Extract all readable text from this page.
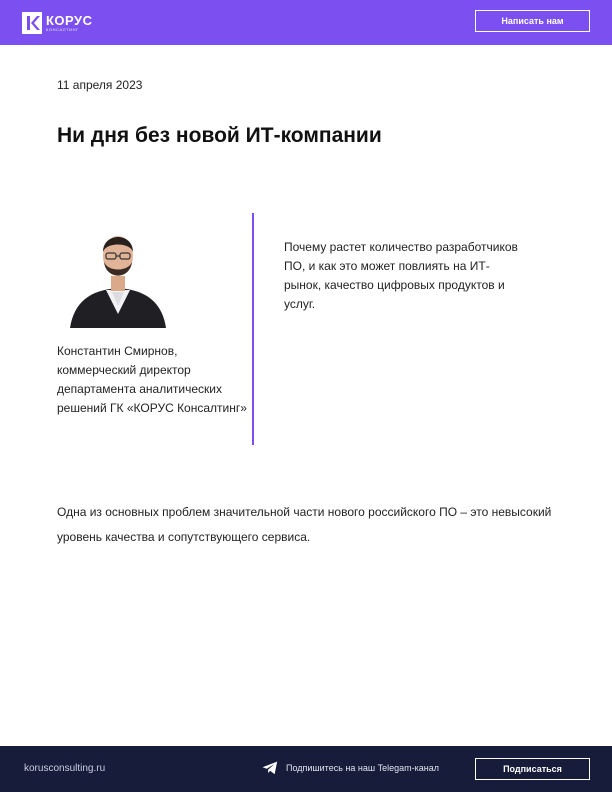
КОРУС
КОНСАЛТИНГ
Написать нам
11 апреля 2023
Ни дня без новой ИТ-компании

Константин Смирнов, коммерческий директор департамента аналитических решений ГК «КОРУС Консалтинг»

Почему растет количество разработчиков ПО, и как это может повлиять на ИТ-рынок, качество цифровых продуктов и услуг.

Одна из основных проблем значительной части нового российского ПО – это невысокий уровень качества и сопутствующего сервиса.

korusconsulting.ru	Подпишитесь на наш Telegam-канал	Подписаться
